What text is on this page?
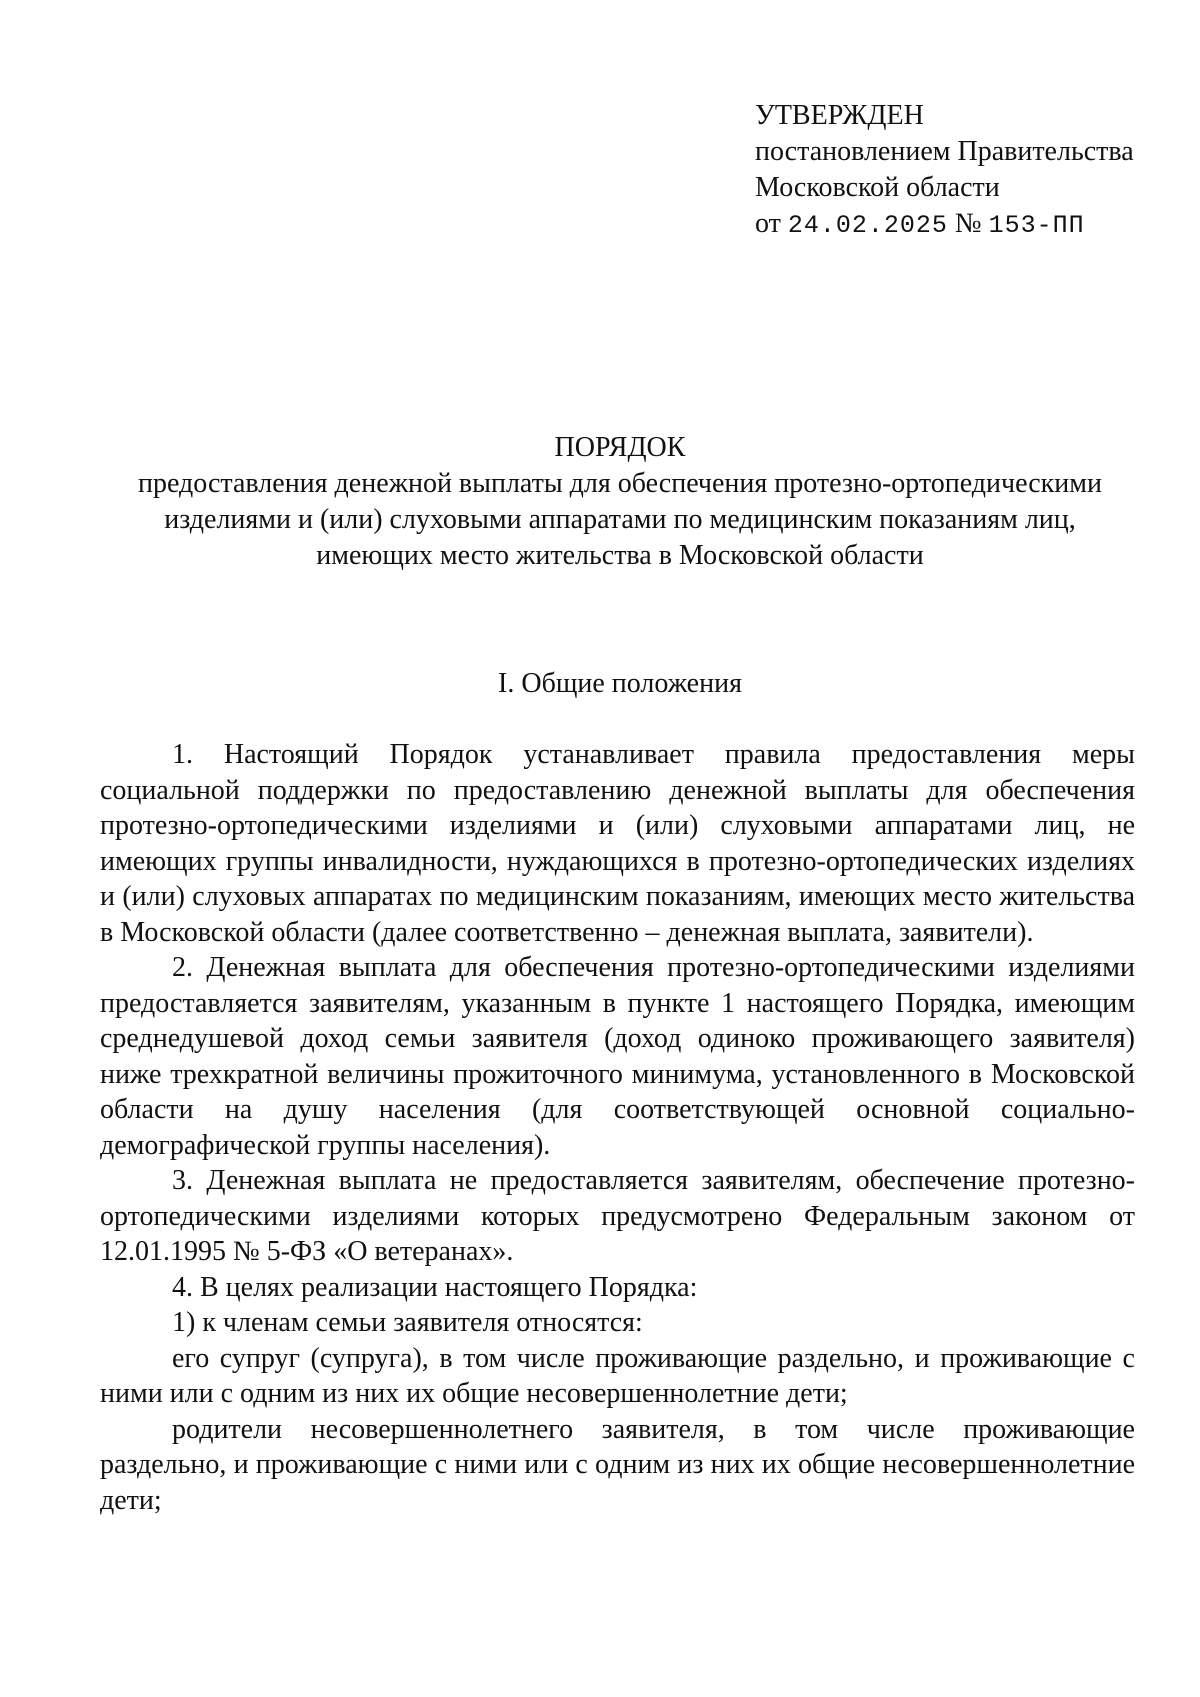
УТВЕРЖДЕН
постановлением Правительства
Московской области
от 24.02.2025 № 153-ПП
ПОРЯДОК
предоставления денежной выплаты для обеспечения протезно-ортопедическими
изделиями и (или) слуховыми аппаратами по медицинским показаниям лиц,
имеющих место жительства в Московской области
I. Общие положения

1. Настоящий Порядок устанавливает правила предоставления меры социальной поддержки по предоставлению денежной выплаты для обеспечения протезно-ортопедическими изделиями и (или) слуховыми аппаратами лиц, не имеющих группы инвалидности, нуждающихся в протезно-ортопедических изделиях и (или) слуховых аппаратах по медицинским показаниям, имеющих место жительства в Московской области (далее соответственно – денежная выплата, заявители).

2. Денежная выплата для обеспечения протезно-ортопедическими изделиями предоставляется заявителям, указанным в пункте 1 настоящего Порядка, имеющим среднедушевой доход семьи заявителя (доход одиноко проживающего заявителя) ниже трехкратной величины прожиточного минимума, установленного в Московской области на душу населения (для соответствующей основной социально-демографической группы населения).

3. Денежная выплата не предоставляется заявителям, обеспечение протезно-ортопедическими изделиями которых предусмотрено Федеральным законом от 12.01.1995 № 5-ФЗ «О ветеранах».

4. В целях реализации настоящего Порядка:

1) к членам семьи заявителя относятся:

его супруг (супруга), в том числе проживающие раздельно, и проживающие с ними или с одним из них их общие несовершеннолетние дети;

родители несовершеннолетнего заявителя, в том числе проживающие раздельно, и проживающие с ними или с одним из них их общие несовершеннолетние дети;
